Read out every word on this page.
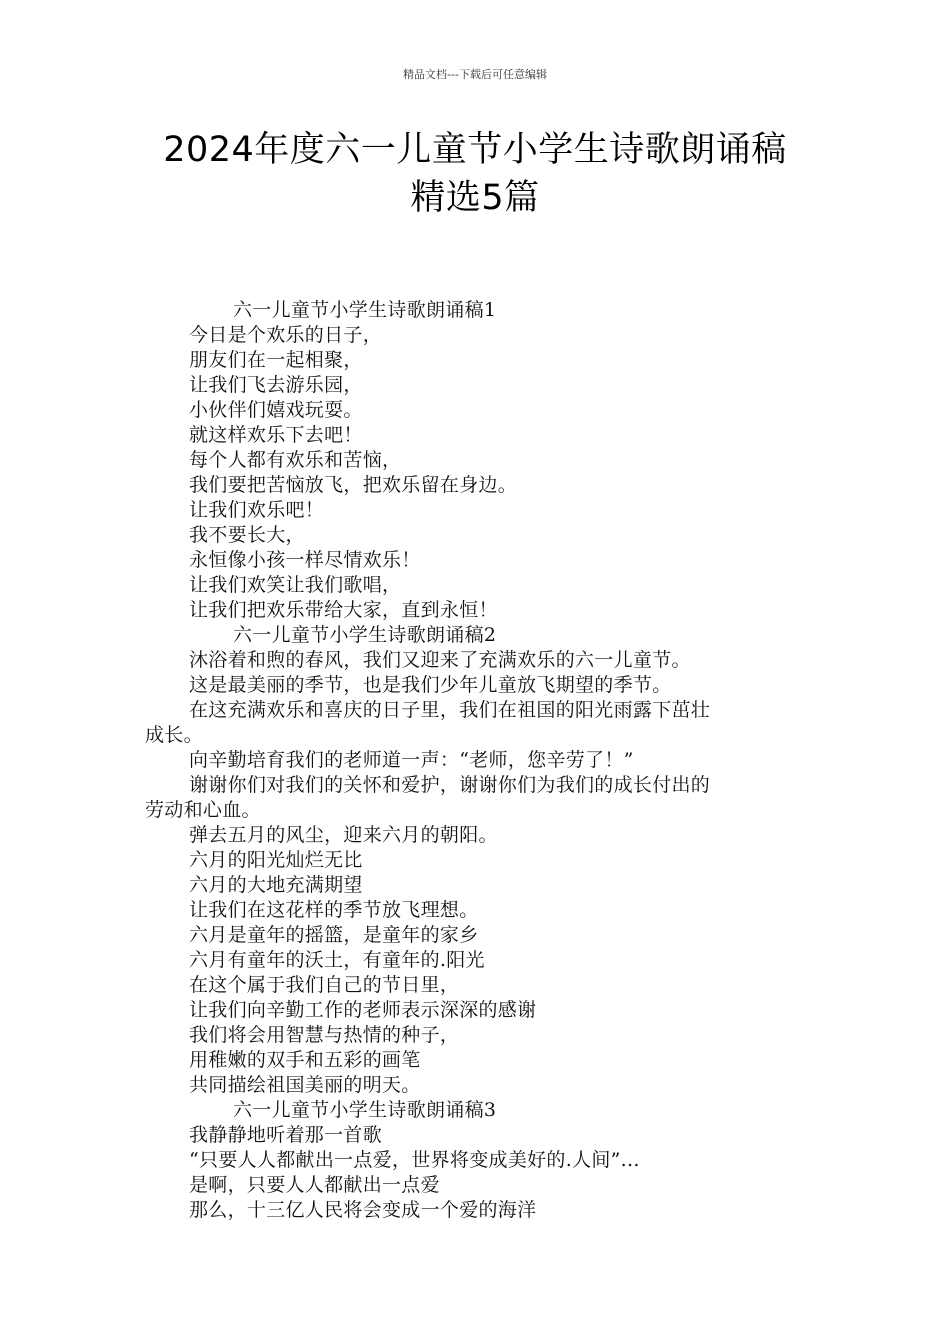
精品文档---下载后可任意编辑
2024年度六一儿童节小学生诗歌朗诵稿
精选5篇
六一儿童节小学生诗歌朗诵稿1
今日是个欢乐的日子，
朋友们在一起相聚，
让我们飞去游乐园，
小伙伴们嬉戏玩耍。
就这样欢乐下去吧！
每个人都有欢乐和苦恼，
我们要把苦恼放飞，把欢乐留在身边。
让我们欢乐吧！
我不要长大，
永恒像小孩一样尽情欢乐！
让我们欢笑让我们歌唱，
让我们把欢乐带给大家，直到永恒！
六一儿童节小学生诗歌朗诵稿2
沐浴着和煦的春风，我们又迎来了充满欢乐的六一儿童节。
这是最美丽的季节，也是我们少年儿童放飞期望的季节。
在这充满欢乐和喜庆的日子里，我们在祖国的阳光雨露下茁壮
成长。
向辛勤培育我们的老师道一声：“老师，您辛劳了！”
谢谢你们对我们的关怀和爱护，谢谢你们为我们的成长付出的
劳动和心血。
弹去五月的风尘，迎来六月的朝阳。
六月的阳光灿烂无比
六月的大地充满期望
让我们在这花样的季节放飞理想。
六月是童年的摇篮，是童年的家乡
六月有童年的沃土，有童年的.阳光
在这个属于我们自己的节日里，
让我们向辛勤工作的老师表示深深的感谢
我们将会用智慧与热情的种子，
用稚嫩的双手和五彩的画笔
共同描绘祖国美丽的明天。
六一儿童节小学生诗歌朗诵稿3
我静静地听着那一首歌
“只要人人都献出一点爱，世界将变成美好的.人间”...
是啊，只要人人都献出一点爱
那么，十三亿人民将会变成一个爱的海洋
